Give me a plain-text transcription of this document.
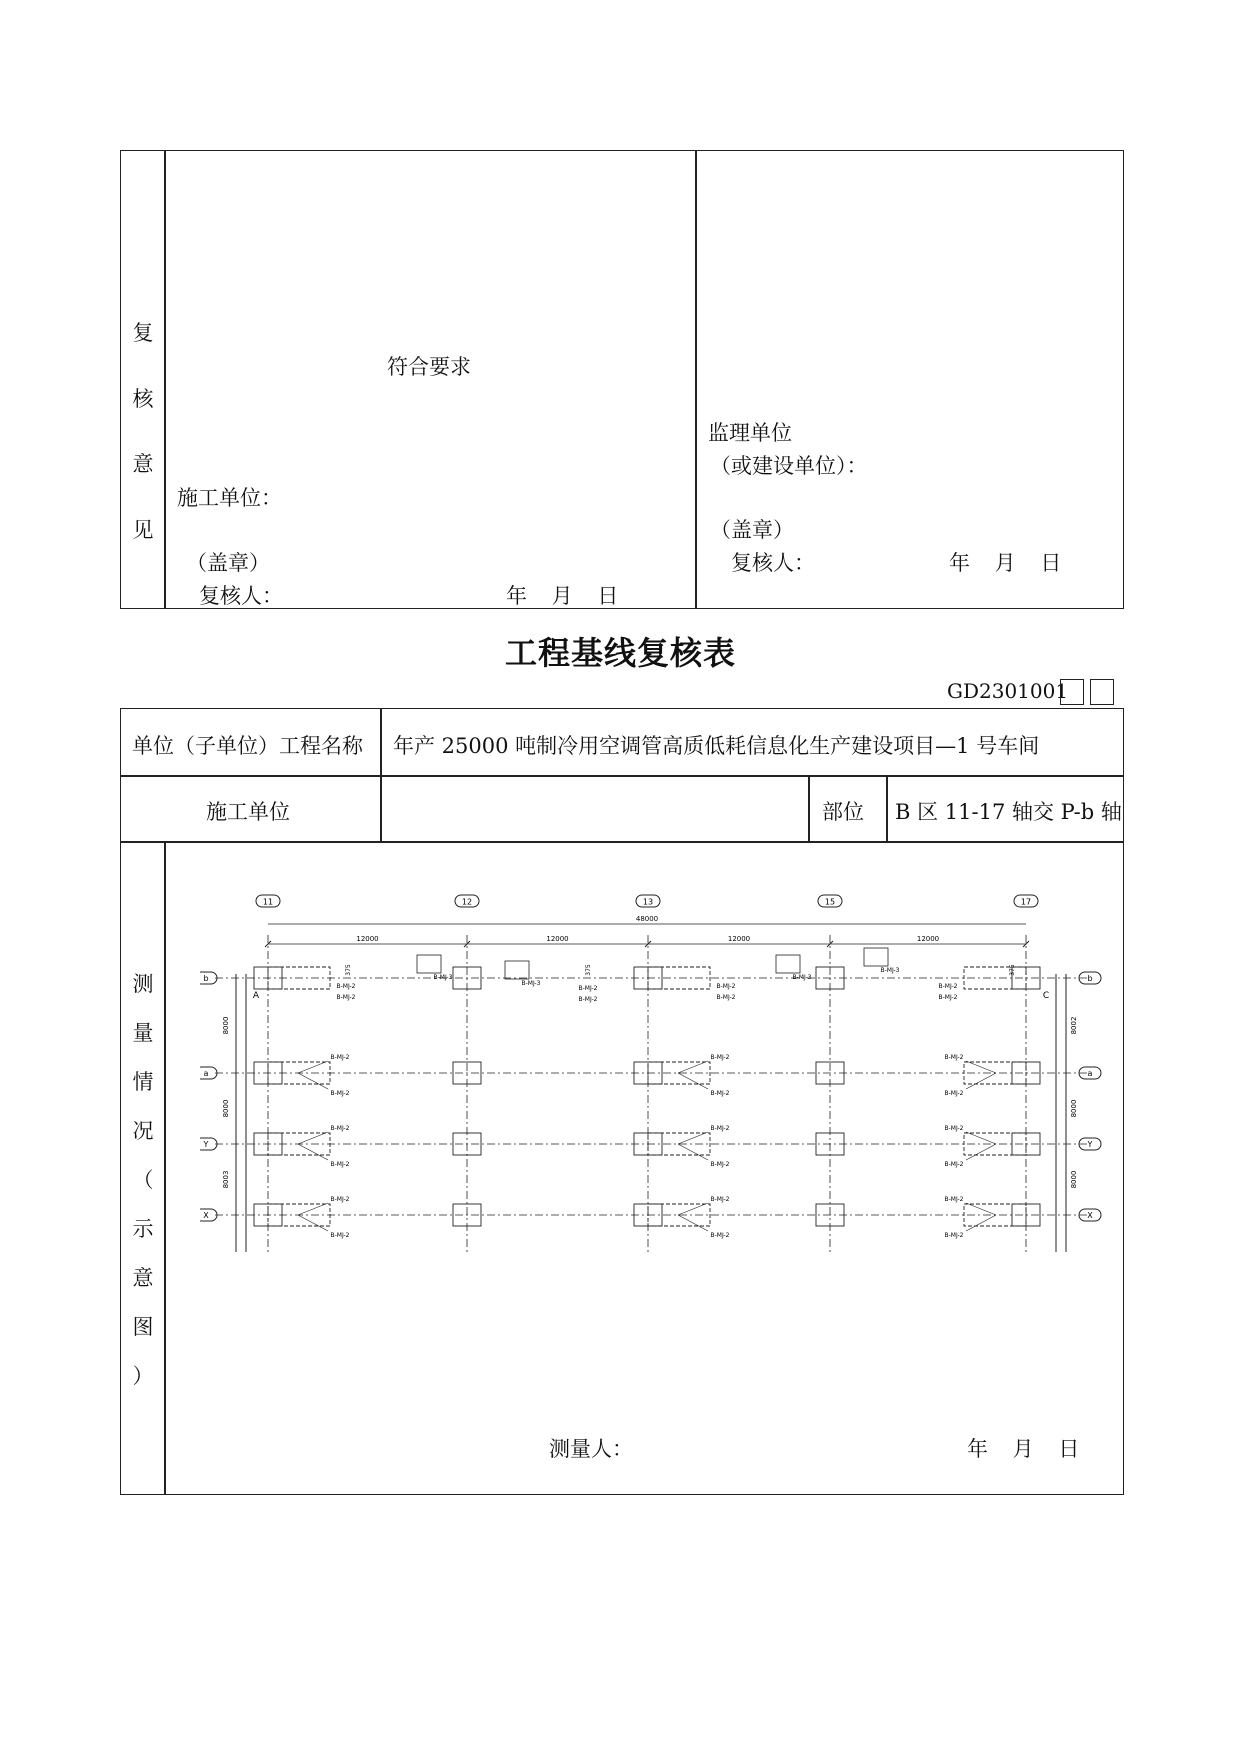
复
核
意
见
符合要求
施工单位：
（盖章）
复核人：	年 月 日
监理单位
（或建设单位）：
（盖章）
复核人：	年 月 日
工程基线复核表
GD2301001
单位（子单位）工程名称 年产 25000 吨制冷用空调管高质低耗信息化生产建设项目—1 号车间
施工单位	部位 B 区 11-17 轴交 P-b 轴
测
量
情
况
（
示
意
图
）
测量人：	年 月 日
11	12	13	15	17
b	b
a	a
Y	Y
X	X
48000
12000	12000	12000	12000
8000	8002
8000	8000
8003	8000
B-MJ-2
B-MJ-2
B-MJ-2
B-MJ-2
B-MJ-2
B-MJ-2
B-MJ-2
B-MJ-2
B-MJ-2
B-MJ-2
B-MJ-2
B-MJ-2
B-MJ-2
B-MJ-2
B-MJ-2
B-MJ-2
B-MJ-2
B-MJ-2
B-MJ-2
B-MJ-2
B-MJ-2
B-MJ-2
B-MJ-2
B-MJ-2
B-MJ-2
B-MJ-2
B-MJ-3
B-MJ-3
B-MJ-3
B-MJ-3
375	375	375
A	C
